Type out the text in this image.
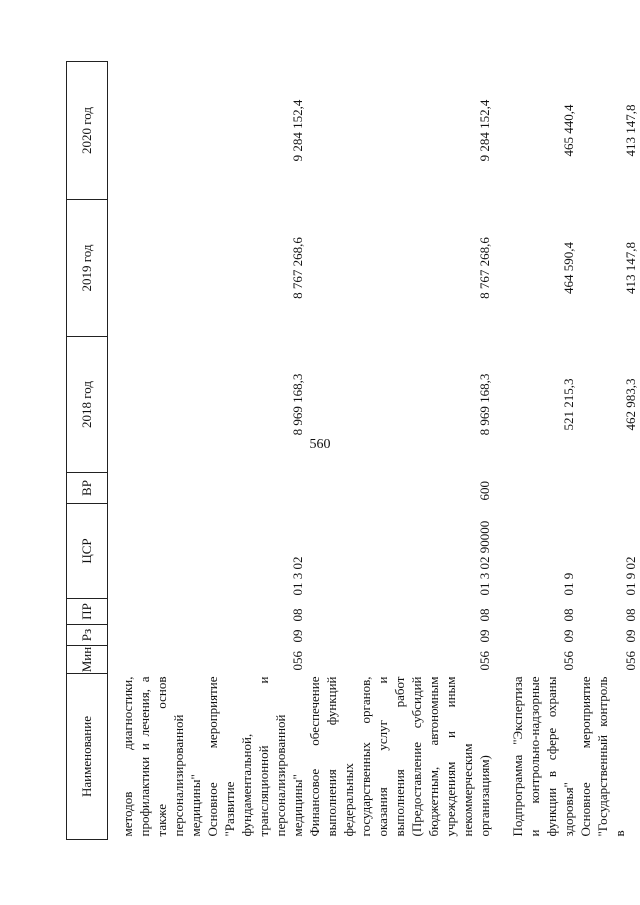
560
Наименование	Мин	Рз	ПР	ЦСР	ВР	2018 год	2019 год	2020 год
методов диагностики, профилактики и лечения, а также основ персонализированной медицины"								
Основное мероприятие "Развитие фундаментальной, трансляционной и персонализированной медицины"	056	09	08	01 3 02		8 969 168,3	8 767 268,6	9 284 152,4
Финансовое обеспечение выполнения функций федеральных государственных органов, оказания услуг и выполнения работ (Предоставление субсидий бюджетным, автономным учреждениям и иным некоммерческим организациям)	056	09	08	01 3 02 90000	600	8 969 168,3	8 767 268,6	9 284 152,4
Подпрограмма "Экспертиза и контрольно-надзорные функции в сфере охраны здоровья"	056	09	08	01 9		521 215,3	464 590,4	465 440,4
Основное мероприятие "Государственный контроль в	056	09	08	01 9 02		462 983,3	413 147,8	413 147,8
